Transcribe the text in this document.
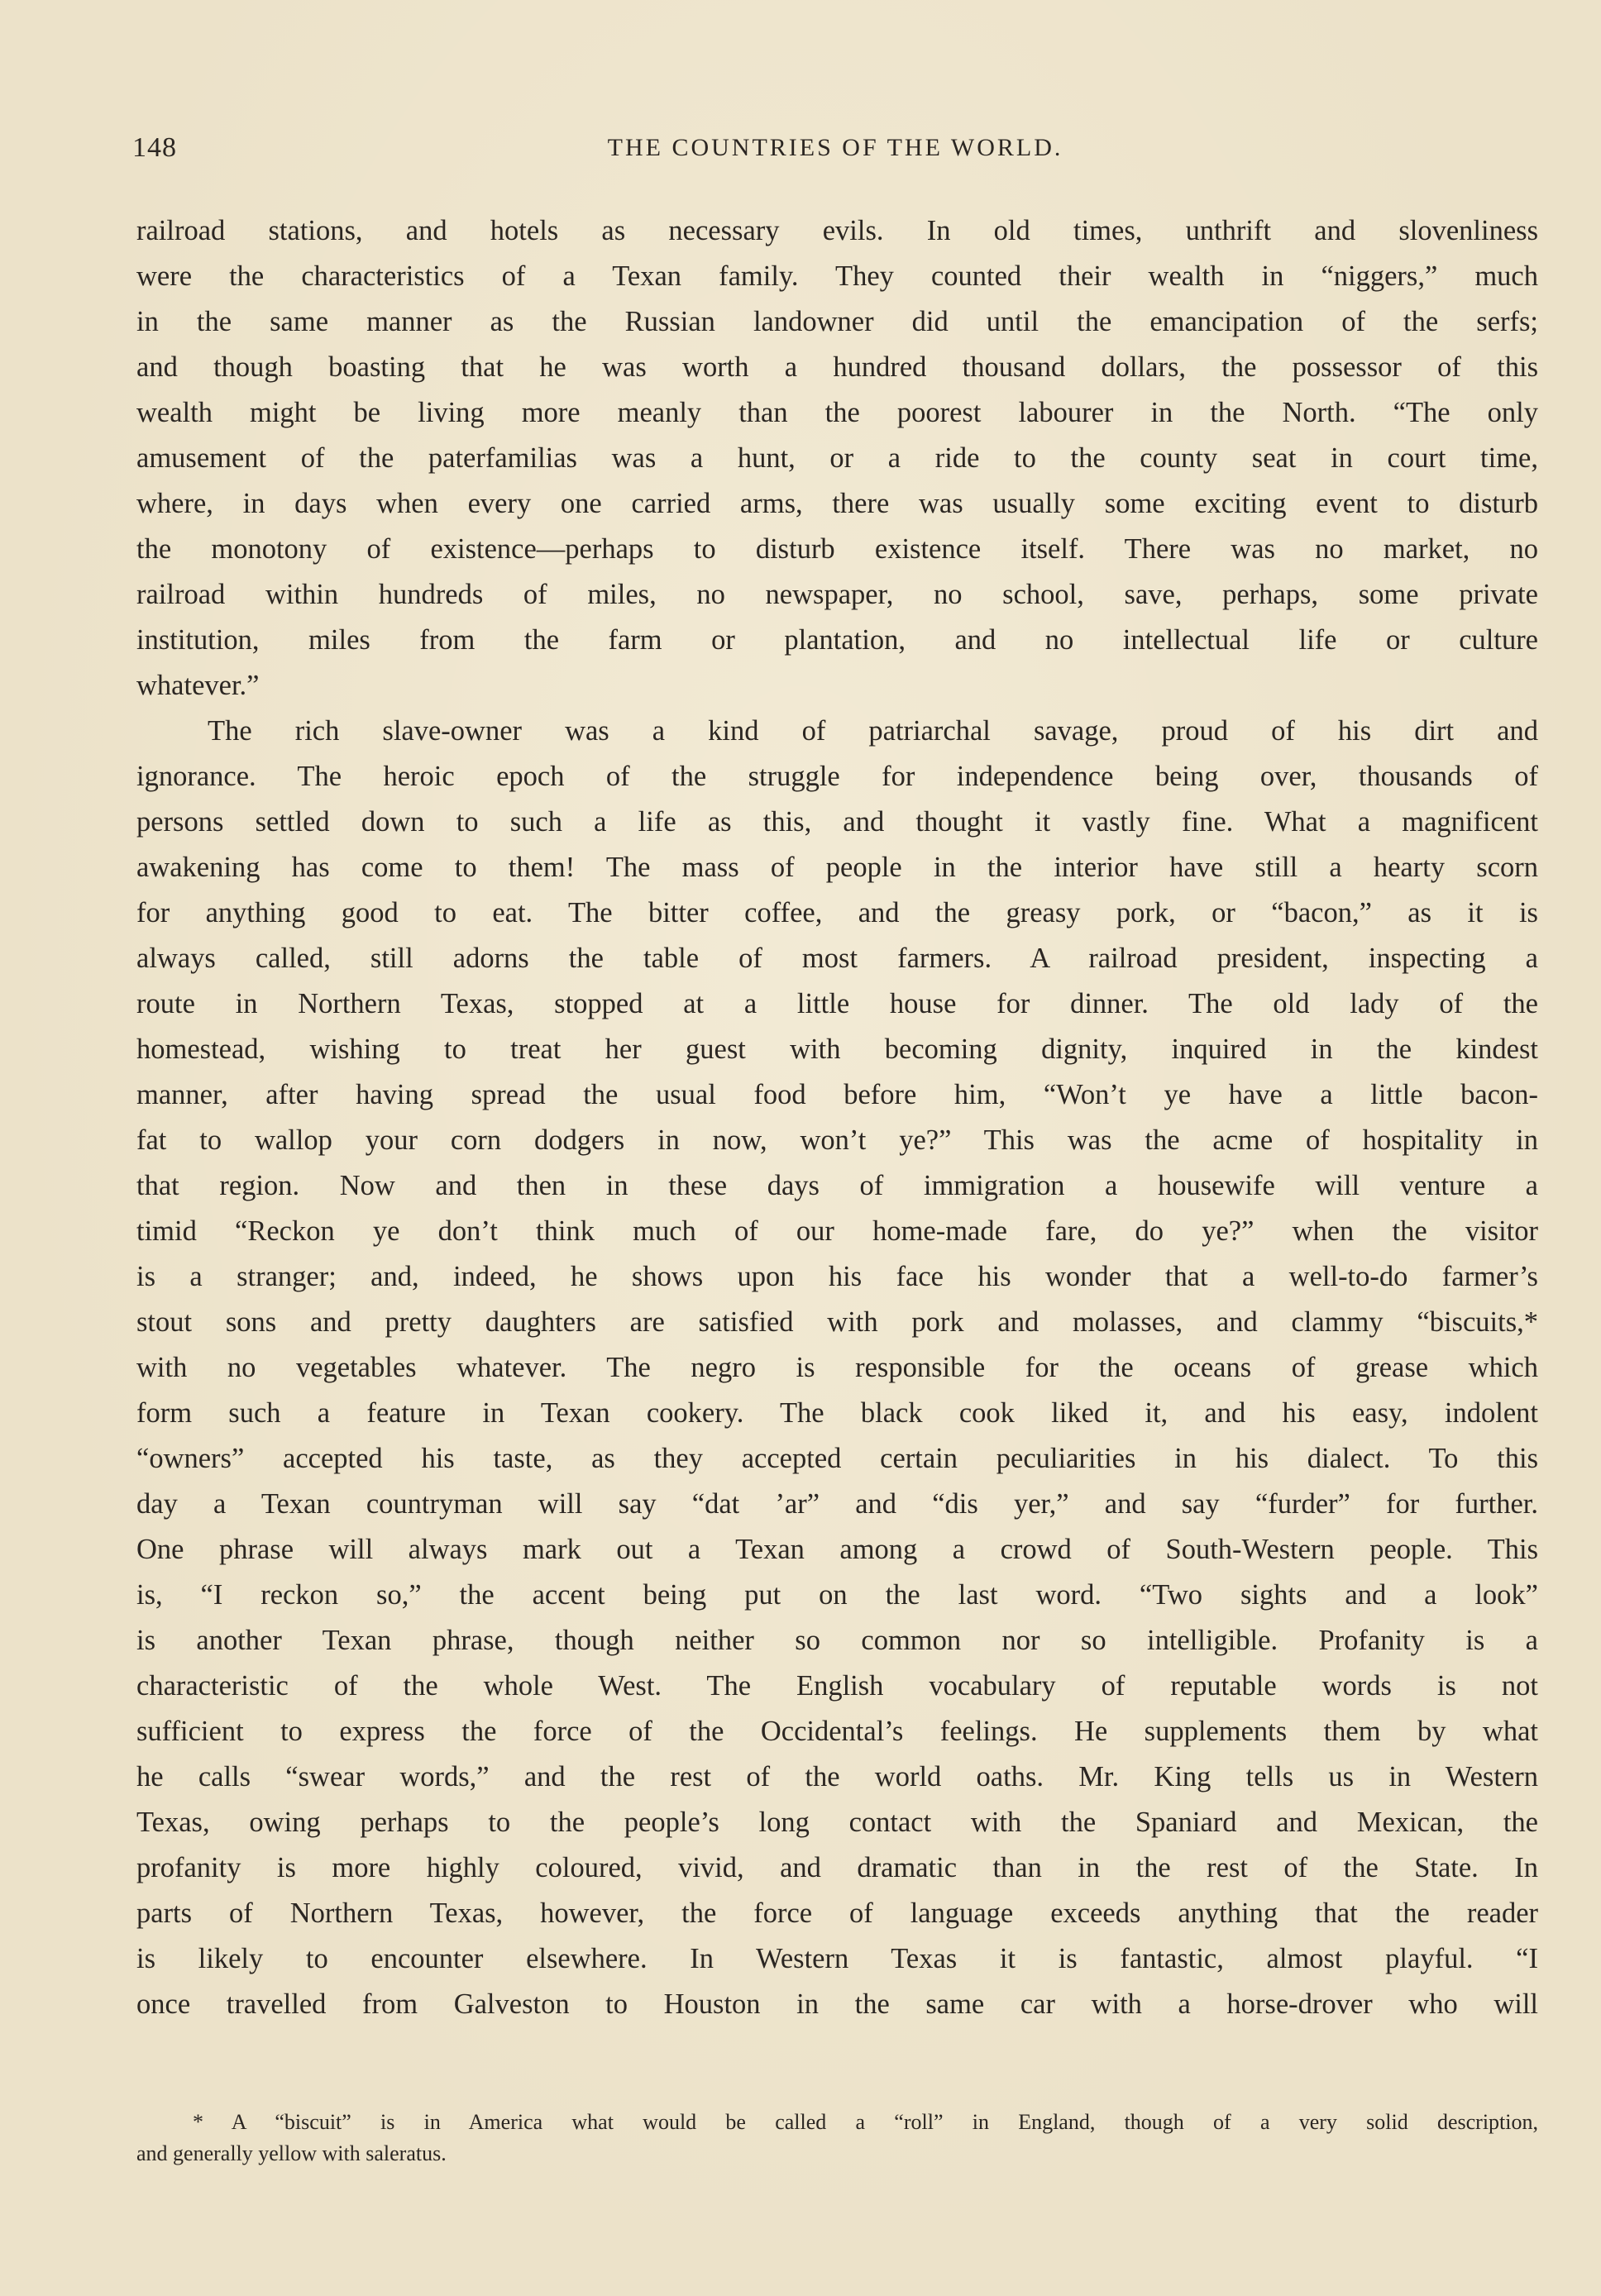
148	THE COUNTRIES OF THE WORLD.
railroad stations, and hotels as necessary evils. In old times, unthrift and slovenliness
were the characteristics of a Texan family. They counted their wealth in “niggers,” much
in the same manner as the Russian landowner did until the emancipation of the serfs;
and though boasting that he was worth a hundred thousand dollars, the possessor of this
wealth might be living more meanly than the poorest labourer in the North. “The only
amusement of the paterfamilias was a hunt, or a ride to the county seat in court time,
where, in days when every one carried arms, there was usually some exciting event to disturb
the monotony of existence—perhaps to disturb existence itself. There was no market, no
railroad within hundreds of miles, no newspaper, no school, save, perhaps, some private
institution, miles from the farm or plantation, and no intellectual life or culture
whatever.”
The rich slave-owner was a kind of patriarchal savage, proud of his dirt and
ignorance. The heroic epoch of the struggle for independence being over, thousands of
persons settled down to such a life as this, and thought it vastly fine. What a magnificent
awakening has come to them! The mass of people in the interior have still a hearty scorn
for anything good to eat. The bitter coffee, and the greasy pork, or “bacon,” as it is
always called, still adorns the table of most farmers. A railroad president, inspecting a
route in Northern Texas, stopped at a little house for dinner. The old lady of the
homestead, wishing to treat her guest with becoming dignity, inquired in the kindest
manner, after having spread the usual food before him, “Won’t ye have a little bacon-
fat to wallop your corn dodgers in now, won’t ye?” This was the acme of hospitality in
that region. Now and then in these days of immigration a housewife will venture a
timid “Reckon ye don’t think much of our home-made fare, do ye?” when the visitor
is a stranger; and, indeed, he shows upon his face his wonder that a well-to-do farmer’s
stout sons and pretty daughters are satisfied with pork and molasses, and clammy “biscuits,*
with no vegetables whatever. The negro is responsible for the oceans of grease which
form such a feature in Texan cookery. The black cook liked it, and his easy, indolent
“owners” accepted his taste, as they accepted certain peculiarities in his dialect. To this
day a Texan countryman will say “dat ’ar” and “dis yer,” and say “furder” for further.
One phrase will always mark out a Texan among a crowd of South-Western people. This
is, “I reckon so,” the accent being put on the last word. “Two sights and a look”
is another Texan phrase, though neither so common nor so intelligible. Profanity is a
characteristic of the whole West. The English vocabulary of reputable words is not
sufficient to express the force of the Occidental’s feelings. He supplements them by what
he calls “swear words,” and the rest of the world oaths. Mr. King tells us in Western
Texas, owing perhaps to the people’s long contact with the Spaniard and Mexican, the
profanity is more highly coloured, vivid, and dramatic than in the rest of the State. In
parts of Northern Texas, however, the force of language exceeds anything that the reader
is likely to encounter elsewhere. In Western Texas it is fantastic, almost playful. “I
once travelled from Galveston to Houston in the same car with a horse-drover who will
* A “biscuit” is in America what would be called a “roll” in England, though of a very solid description,
and generally yellow with saleratus.
